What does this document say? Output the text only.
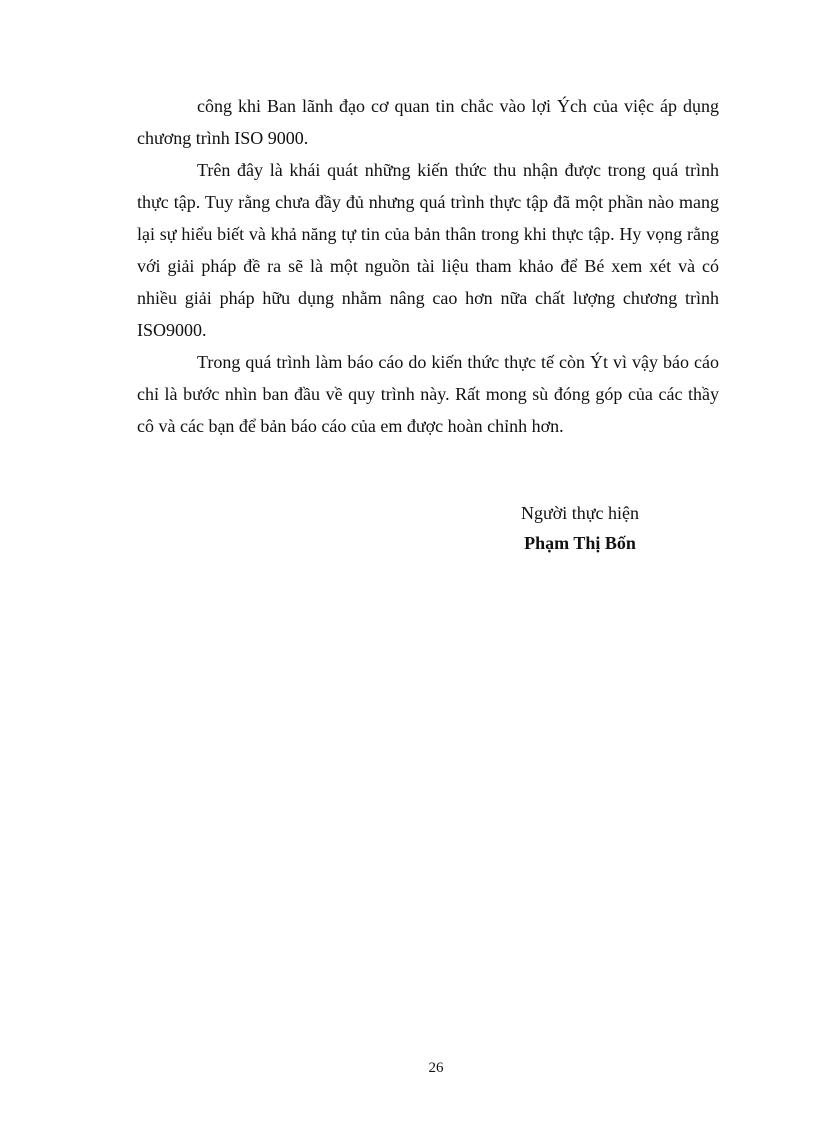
công khi Ban lãnh đạo cơ quan tin chắc vào lợi Ých của việc áp dụng chương trình ISO 9000.

Trên đây là khái quát những kiến thức thu nhận được trong quá trình thực tập. Tuy rằng chưa đầy đủ nhưng quá trình thực tập đã một phần nào mang lại sự hiểu biết và khả năng tự tin của bản thân trong khi thực tập. Hy vọng rằng với giải pháp đề ra sẽ là một nguồn tài liệu tham khảo để Bé xem xét và có nhiều giải pháp hữu dụng nhằm nâng cao hơn nữa chất lượng chương trình ISO9000.

Trong quá trình làm báo cáo do kiến thức thực tế còn Ýt vì vậy báo cáo chỉ là bước nhìn ban đầu về quy trình này. Rất mong sù đóng góp của các thầy cô và các bạn để bản báo cáo của em được hoàn chỉnh hơn.

Người thực hiện
Phạm Thị Bốn
26
